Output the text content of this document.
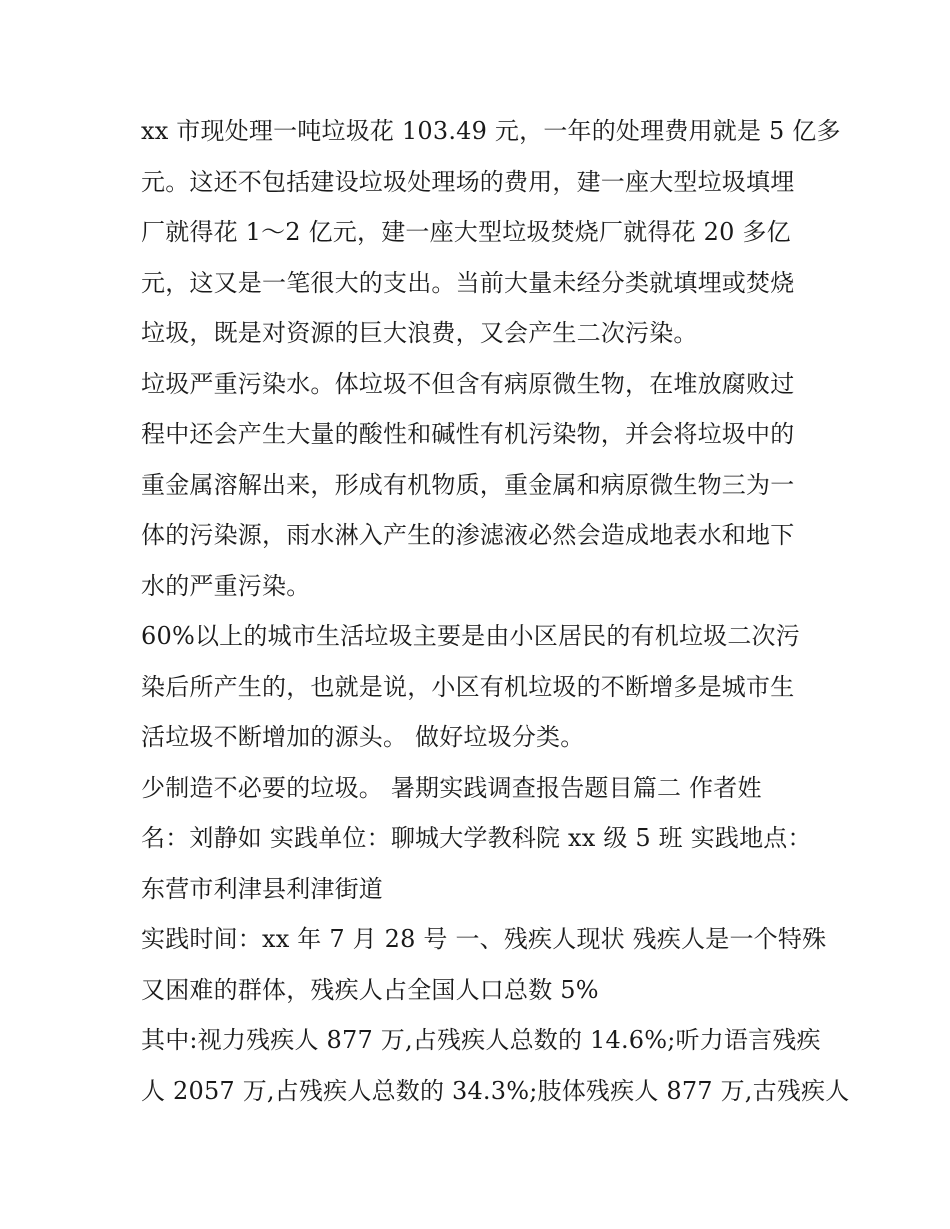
xx 市现处理一吨垃圾花 103.49 元，一年的处理费用就是 5 亿多
元。这还不包括建设垃圾处理场的费用，建一座大型垃圾填埋
厂就得花 1～2 亿元，建一座大型垃圾焚烧厂就得花 20 多亿
元，这又是一笔很大的支出。当前大量未经分类就填埋或焚烧
垃圾，既是对资源的巨大浪费，又会产生二次污染。
垃圾严重污染水。体垃圾不但含有病原微生物，在堆放腐败过
程中还会产生大量的酸性和碱性有机污染物，并会将垃圾中的
重金属溶解出来，形成有机物质，重金属和病原微生物三为一
体的污染源，雨水淋入产生的渗滤液必然会造成地表水和地下
水的严重污染。
60%以上的城市生活垃圾主要是由小区居民的有机垃圾二次污
染后所产生的，也就是说，小区有机垃圾的不断增多是城市生
活垃圾不断增加的源头。 做好垃圾分类。
少制造不必要的垃圾。 暑期实践调查报告题目篇二 作者姓
名：刘静如 实践单位：聊城大学教科院 xx 级 5 班 实践地点：
东营市利津县利津街道
实践时间：xx 年 7 月 28 号 一、残疾人现状 残疾人是一个特殊
又困难的群体，残疾人占全国人口总数 5%
其中:视力残疾人 877 万,占残疾人总数的 14.6%;听力语言残疾
人 2057 万,占残疾人总数的 34.3%;肢体残疾人 877 万,古残疾人
